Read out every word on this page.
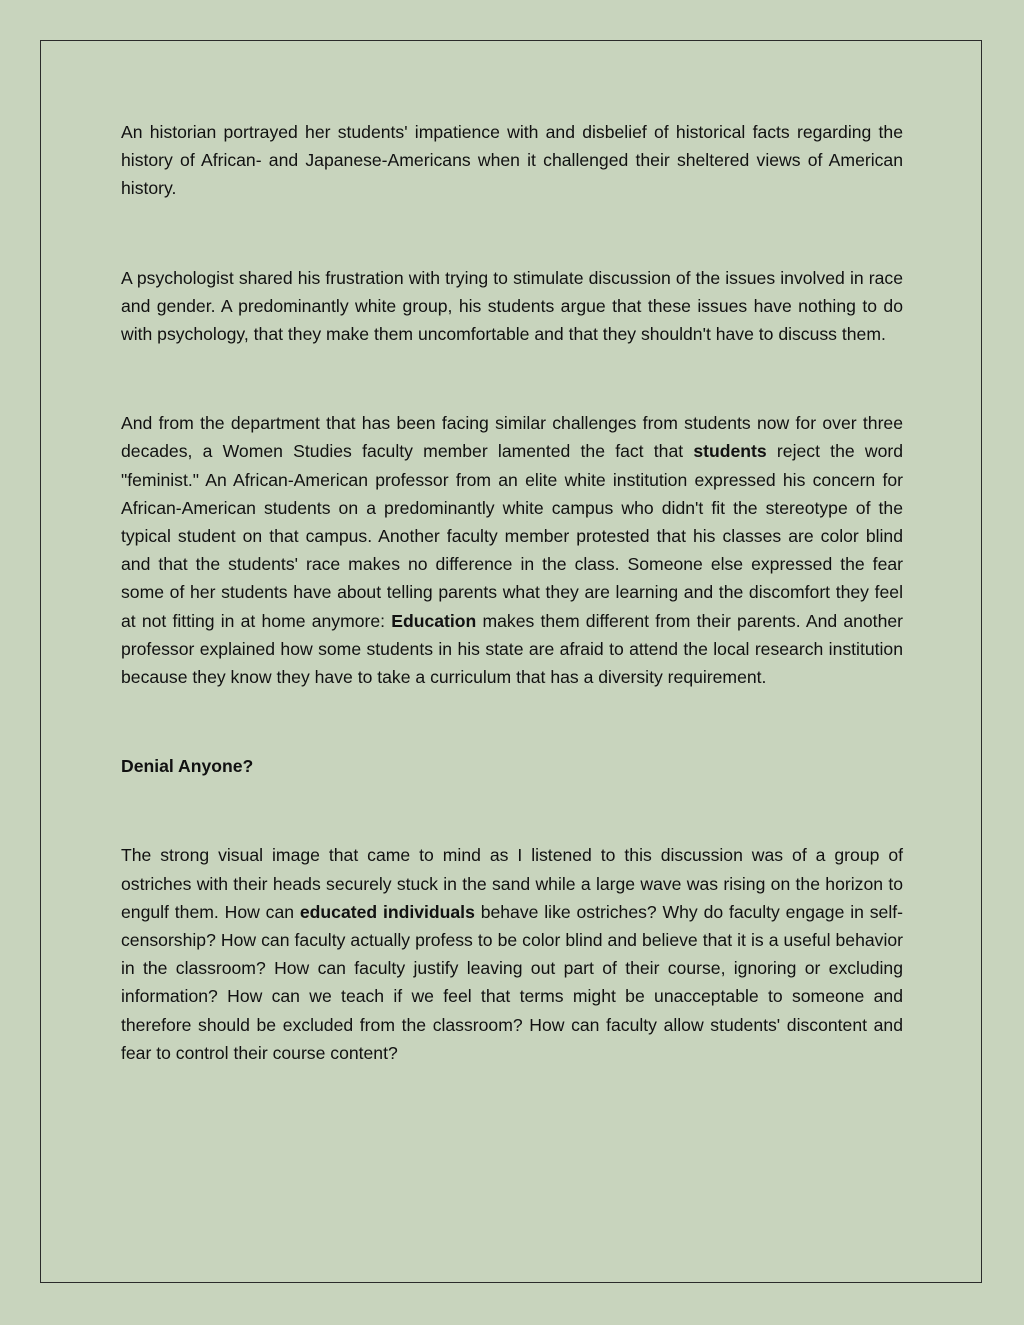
An historian portrayed her students' impatience with and disbelief of historical facts regarding the history of African- and Japanese-Americans when it challenged their sheltered views of American history.

A psychologist shared his frustration with trying to stimulate discussion of the issues involved in race and gender. A predominantly white group, his students argue that these issues have nothing to do with psychology, that they make them uncomfortable and that they shouldn't have to discuss them.

And from the department that has been facing similar challenges from students now for over three decades, a Women Studies faculty member lamented the fact that students reject the word "feminist." An African-American professor from an elite white institution expressed his concern for African-American students on a predominantly white campus who didn't fit the stereotype of the typical student on that campus. Another faculty member protested that his classes are color blind and that the students' race makes no difference in the class. Someone else expressed the fear some of her students have about telling parents what they are learning and the discomfort they feel at not fitting in at home anymore: Education makes them different from their parents. And another professor explained how some students in his state are afraid to attend the local research institution because they know they have to take a curriculum that has a diversity requirement.

Denial Anyone?

The strong visual image that came to mind as I listened to this discussion was of a group of ostriches with their heads securely stuck in the sand while a large wave was rising on the horizon to engulf them. How can educated individuals behave like ostriches? Why do faculty engage in self-censorship? How can faculty actually profess to be color blind and believe that it is a useful behavior in the classroom? How can faculty justify leaving out part of their course, ignoring or excluding information? How can we teach if we feel that terms might be unacceptable to someone and therefore should be excluded from the classroom? How can faculty allow students' discontent and fear to control their course content?
